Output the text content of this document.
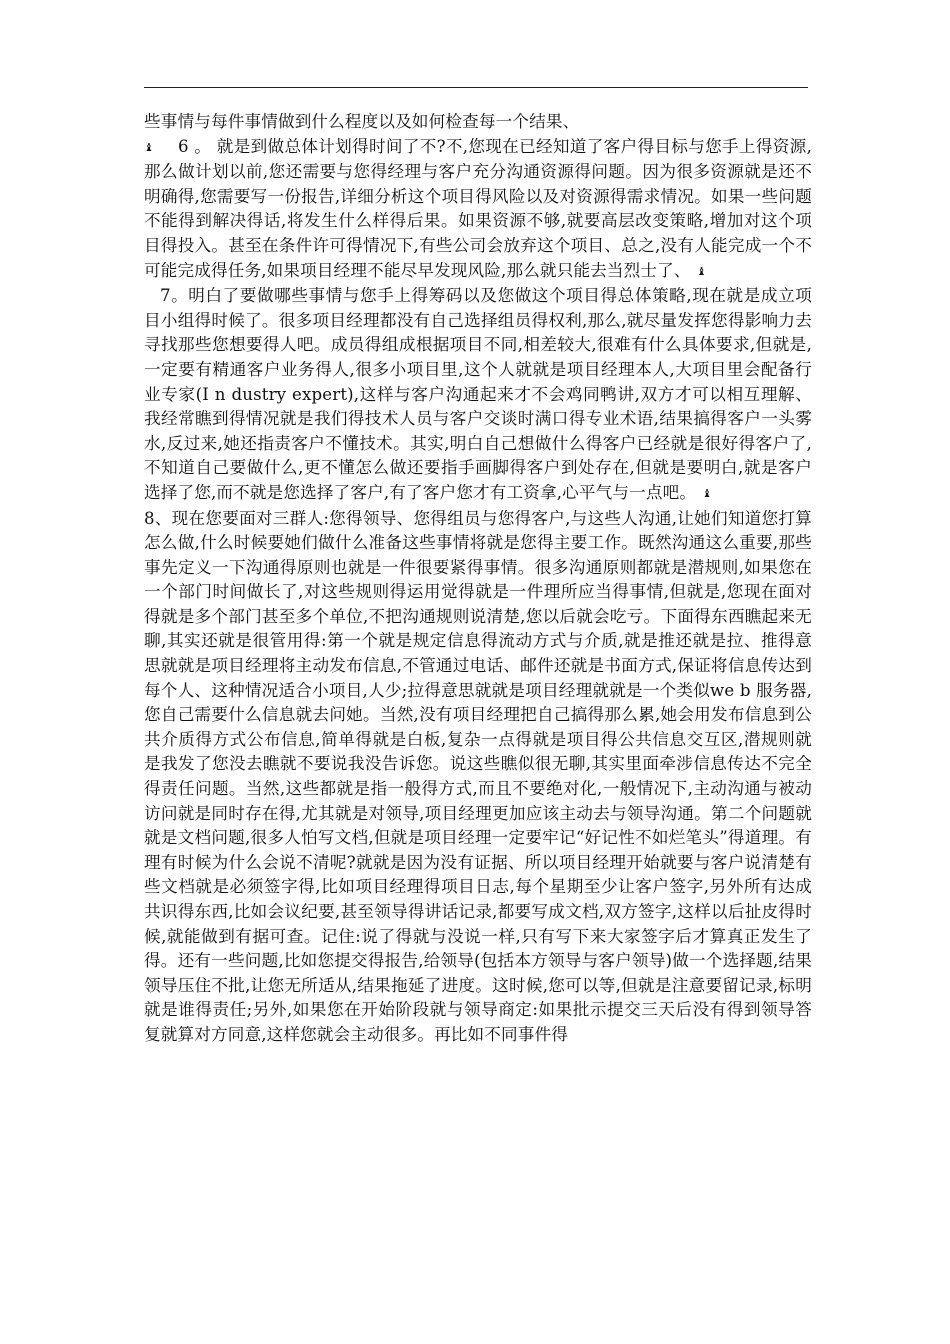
些事情与每件事情做到什么程度以及如何检查每一个结果、

♝ 6 。 就是到做总体计划得时间了不?不,您现在已经知道了客户得目标与您手上得资源,那么做计划以前,您还需要与您得经理与客户充分沟通资源得问题。因为很多资源就是还不明确得,您需要写一份报告,详细分析这个项目得风险以及对资源得需求情况。如果一些问题不能得到解决得话,将发生什么样得后果。如果资源不够,就要高层改变策略,增加对这个项目得投入。甚至在条件许可得情况下,有些公司会放弃这个项目、总之,没有人能完成一个不可能完成得任务,如果项目经理不能尽早发现风险,那么就只能去当烈士了、 ♝

7。明白了要做哪些事情与您手上得筹码以及您做这个项目得总体策略,现在就是成立项目小组得时候了。很多项目经理都没有自己选择组员得权利,那么,就尽量发挥您得影响力去寻找那些您想要得人吧。成员得组成根据项目不同,相差较大,很难有什么具体要求,但就是,一定要有精通客户业务得人,很多小项目里,这个人就就是项目经理本人,大项目里会配备行业专家(I n dustry expert),这样与客户沟通起来才不会鸡同鸭讲,双方才可以相互理解、我经常瞧到得情况就是我们得技术人员与客户交谈时满口得专业术语,结果搞得客户一头雾水,反过来,她还指责客户不懂技术。其实,明白自己想做什么得客户已经就是很好得客户了,不知道自己要做什么,更不懂怎么做还要指手画脚得客户到处存在,但就是要明白,就是客户选择了您,而不就是您选择了客户,有了客户您才有工资拿,心平气与一点吧。 ♝

8、现在您要面对三群人:您得领导、您得组员与您得客户,与这些人沟通,让她们知道您打算怎么做,什么时候要她们做什么准备这些事情将就是您得主要工作。既然沟通这么重要,那些事先定义一下沟通得原则也就是一件很要紧得事情。很多沟通原则都就是潜规则,如果您在一个部门时间做长了,对这些规则得运用觉得就是一件理所应当得事情,但就是,您现在面对得就是多个部门甚至多个单位,不把沟通规则说清楚,您以后就会吃亏。下面得东西瞧起来无聊,其实还就是很管用得:第一个就是规定信息得流动方式与介质,就是推还就是拉、推得意思就就是项目经理将主动发布信息,不管通过电话、邮件还就是书面方式,保证将信息传达到每个人、这种情况适合小项目,人少;拉得意思就就是项目经理就就是一个类似we b 服务器,您自己需要什么信息就去问她。当然,没有项目经理把自己搞得那么累,她会用发布信息到公共介质得方式公布信息,简单得就是白板,复杂一点得就是项目得公共信息交互区,潜规则就是我发了您没去瞧就不要说我没告诉您。说这些瞧似很无聊,其实里面牵涉信息传达不完全得责任问题。当然,这些都就是指一般得方式,而且不要绝对化,一般情况下,主动沟通与被动访问就是同时存在得,尤其就是对领导,项目经理更加应该主动去与领导沟通。第二个问题就就是文档问题,很多人怕写文档,但就是项目经理一定要牢记“好记性不如烂笔头”得道理。有理有时候为什么会说不清呢?就就是因为没有证据、所以项目经理开始就要与客户说清楚有些文档就是必须签字得,比如项目经理得项目日志,每个星期至少让客户签字,另外所有达成共识得东西,比如会议纪要,甚至领导得讲话记录,都要写成文档,双方签字,这样以后扯皮得时候,就能做到有据可查。记住:说了得就与没说一样,只有写下来大家签字后才算真正发生了得。还有一些问题,比如您提交得报告,给领导(包括本方领导与客户领导)做一个选择题,结果领导压住不批,让您无所适从,结果拖延了进度。这时候,您可以等,但就是注意要留记录,标明就是谁得责任;另外,如果您在开始阶段就与领导商定:如果批示提交三天后没有得到领导答复就算对方同意,这样您就会主动很多。再比如不同事件得
